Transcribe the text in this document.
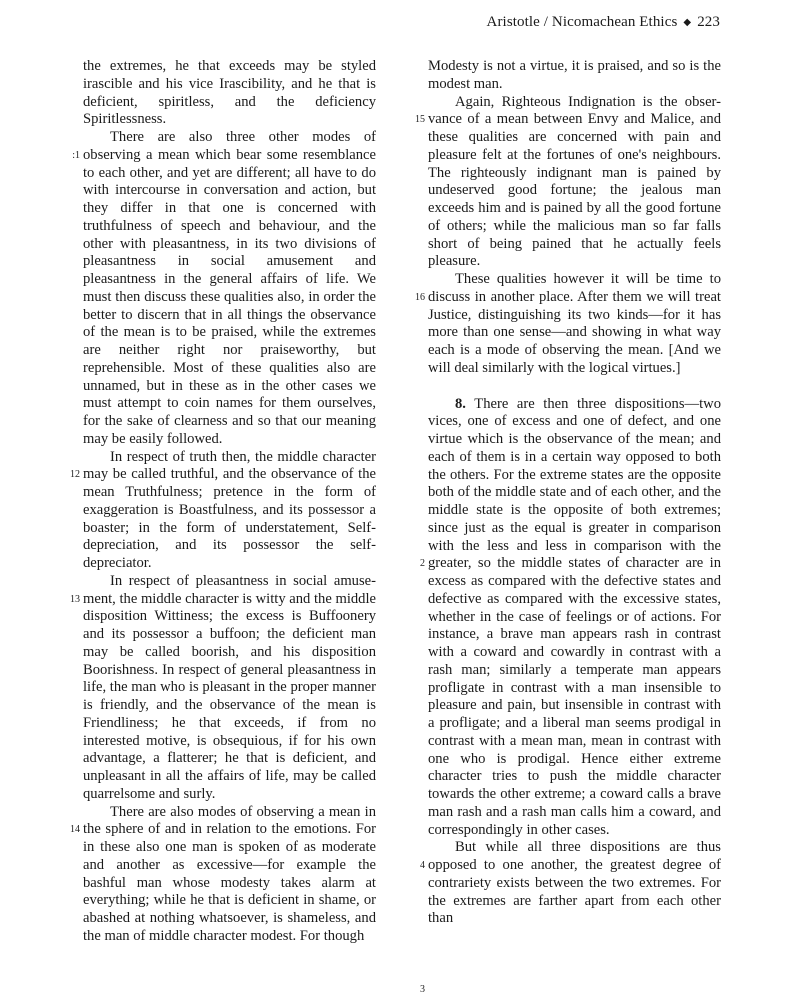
Aristotle / Nicomachean Ethics ◆ 223

the extremes, he that exceeds may be styled irascible and his vice Irascibility, and he that is deficient, spiritless, and the deficiency Spiritlessness.

:1
There are also three other modes of observing a mean which bear some resemblance to each other, and yet are different; all have to do with intercourse in conversation and action, but they differ in that one is concerned with truthfulness of speech and behaviour, and the other with pleasantness, in its two divisions of pleasantness in social amusement and pleasantness in the general affairs of life. We must then discuss these qualities also, in order the better to discern that in all things the observance of the mean is to be praised, while the extremes are neither right nor praiseworthy, but reprehensible. Most of these qualities also are unnamed, but in these as in the other cases we must attempt to coin names for them ourselves, for the sake of clearness and so that our meaning may be easily followed.

12
In respect of truth then, the middle character may be called truthful, and the observance of the mean Truthfulness; pretence in the form of exaggeration is Boastfulness, and its possessor a boaster; in the form of understatement, Self-depreciation, and its possessor the self-depreciator.

13
In respect of pleasantness in social amuse-ment, the middle character is witty and the middle disposition Wittiness; the excess is Buffoonery and its possessor a buffoon; the deficient man may be called boorish, and his disposition Boorishness. In respect of general pleasantness in life, the man who is pleasant in the proper manner is friendly, and the observance of the mean is Friendliness; he that exceeds, if from no interested motive, is obsequious, if for his own advantage, a flatterer; he that is deficient, and unpleasant in all the affairs of life, may be called quarrelsome and surly.

14
There are also modes of observing a mean in the sphere of and in relation to the emotions. For in these also one man is spoken of as moderate and another as excessive—for example the bashful man whose modesty takes alarm at everything; while he that is deficient in shame, or abashed at nothing whatsoever, is shameless, and the man of middle character modest. For though

Modesty is not a virtue, it is praised, and so is the modest man.

15
Again, Righteous Indignation is the obser-vance of a mean between Envy and Malice, and these qualities are concerned with pain and pleasure felt at the fortunes of one's neighbours. The righteously indignant man is pained by undeserved good fortune; the jealous man exceeds him and is pained by all the good fortune of others; while the malicious man so far falls short of being pained that he actually feels pleasure.

16
These qualities however it will be time to discuss in another place. After them we will treat Justice, distinguishing its two kinds—for it has more than one sense—and showing in what way each is a mode of observing the mean. [And we will deal similarly with the logical virtues.]

2
3
8. There are then three dispositions—two vices, one of excess and one of defect, and one virtue which is the observance of the mean; and each of them is in a certain way opposed to both the others. For the extreme states are the opposite both of the middle state and of each other, and the middle state is the opposite of both extremes; since just as the equal is greater in comparison with the less and less in comparison with the greater, so the middle states of character are in excess as compared with the defective states and defective as compared with the excessive states, whether in the case of feelings or of actions. For instance, a brave man appears rash in contrast with a coward and cowardly in contrast with a rash man; similarly a temperate man appears profligate in contrast with a man insensible to pleasure and pain, but insensible in contrast with a profligate; and a liberal man seems prodigal in contrast with a mean man, mean in contrast with one who is prodigal. Hence either extreme character tries to push the middle character towards the other extreme; a coward calls a brave man rash and a rash man calls him a coward, and correspondingly in other cases.

4
But while all three dispositions are thus opposed to one another, the greatest degree of contrariety exists between the two extremes. For the extremes are farther apart from each other than
